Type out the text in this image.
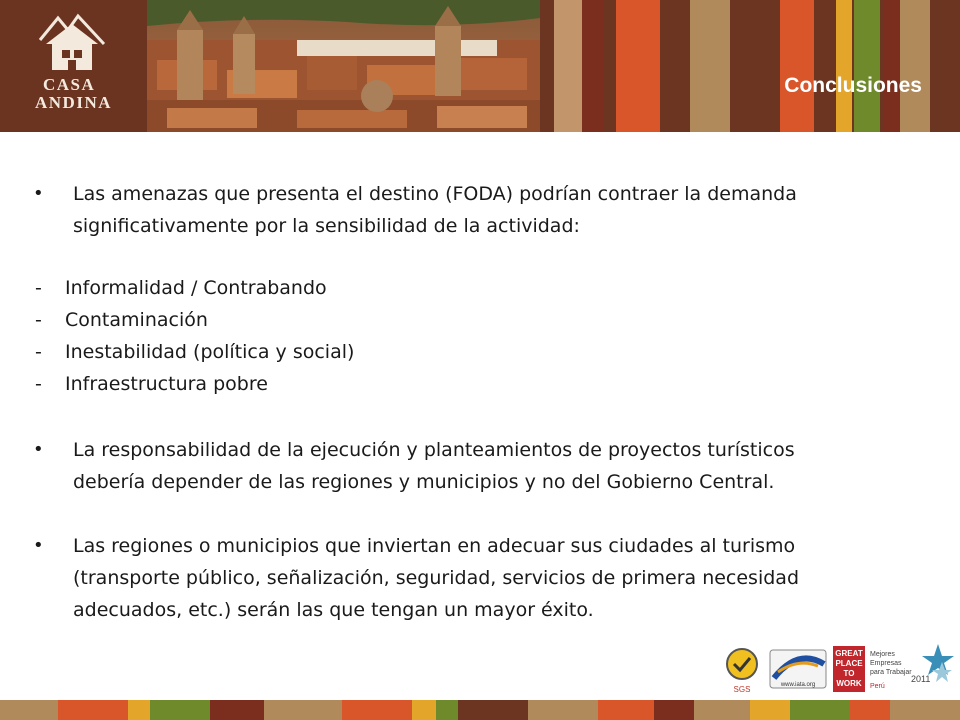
CASA
ANDINA
Conclusiones
• Las amenazas que presenta el destino (FODA) podrían contraer la demanda
significativamente por la sensibilidad de la actividad:
- Informalidad / Contrabando
- Contaminación
- Inestabilidad (política y social)
- Infraestructura pobre
• La responsabilidad de la ejecución y planteamientos de proyectos turísticos
debería depender de las regiones y municipios y no del Gobierno Central.
• Las regiones o municipios que inviertan en adecuar sus ciudades al turismo
(transporte público, señalización, seguridad, servicios de primera necesidad
adecuados, etc.) serán las que tengan un mayor éxito.
SGS	www.iata.org
GREAT
PLACE
TO
WORK
Mejores
Empresas
para Trabajar
2011
Perú
